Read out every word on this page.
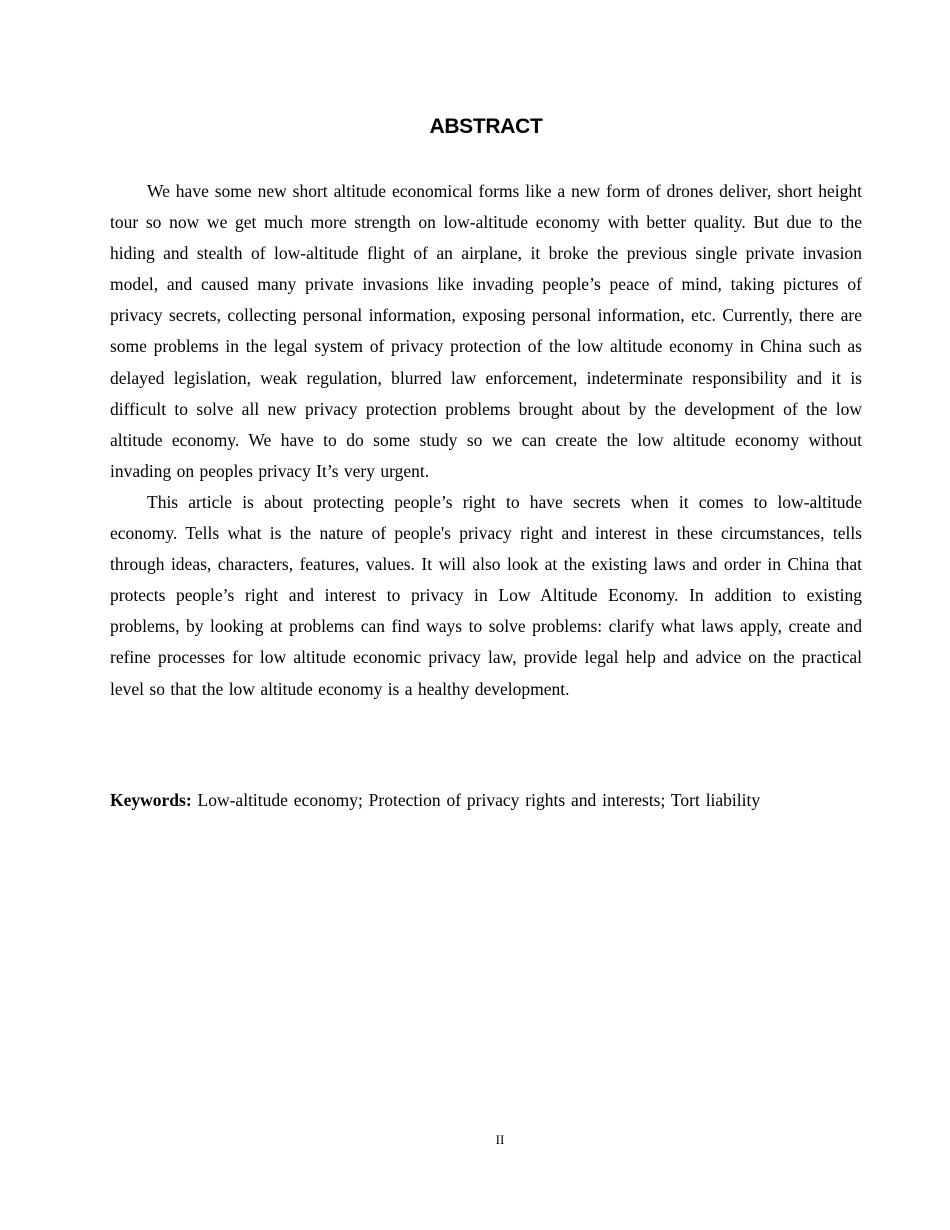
ABSTRACT

We have some new short altitude economical forms like a new form of drones deliver, short height tour so now we get much more strength on low-altitude economy with better quality. But due to the hiding and stealth of low-altitude flight of an airplane, it broke the previous single private invasion model, and caused many private invasions like invading people’s peace of mind, taking pictures of privacy secrets, collecting personal information, exposing personal information, etc. Currently, there are some problems in the legal system of privacy protection of the low altitude economy in China such as delayed legislation, weak regulation, blurred law enforcement, indeterminate responsibility and it is difficult to solve all new privacy protection problems brought about by the development of the low altitude economy. We have to do some study so we can create the low altitude economy without invading on peoples privacy It’s very urgent.

This article is about protecting people’s right to have secrets when it comes to low-altitude economy. Tells what is the nature of people's privacy right and interest in these circumstances, tells through ideas, characters, features, values. It will also look at the existing laws and order in China that protects people’s right and interest to privacy in Low Altitude Economy. In addition to existing problems, by looking at problems can find ways to solve problems: clarify what laws apply, create and refine processes for low altitude economic privacy law, provide legal help and advice on the practical level so that the low altitude economy is a healthy development.

Keywords: Low-altitude economy; Protection of privacy rights and interests; Tort liability

II
